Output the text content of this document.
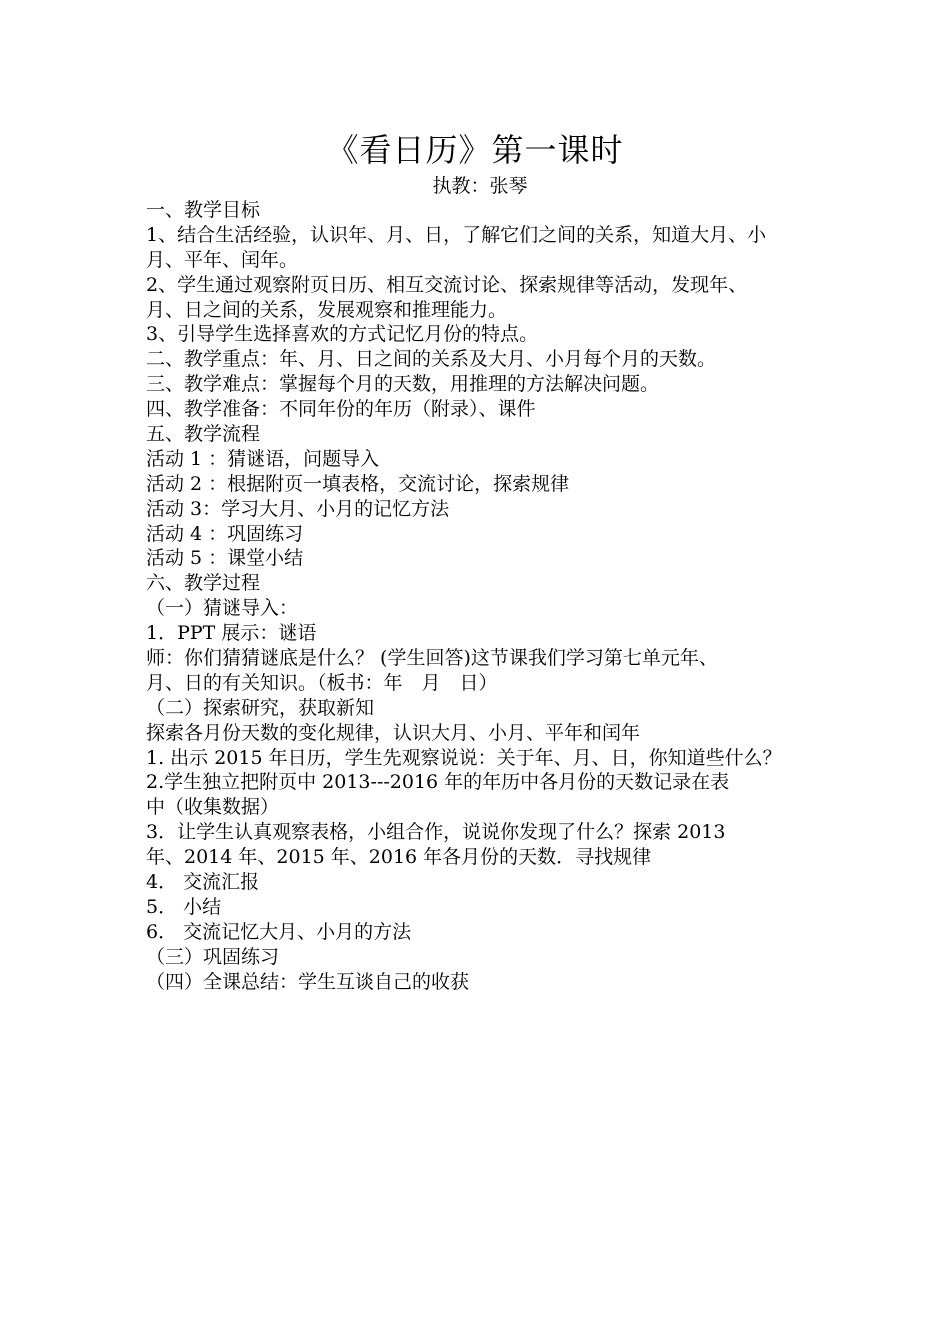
《看日历》第一课时
执教：张琴
一、教学目标
1、结合生活经验，认识年、月、日，了解它们之间的关系，知道大月、小
月、平年、闰年。
2、学生通过观察附页日历、相互交流讨论、探索规律等活动，发现年、
月、日之间的关系，发展观察和推理能力。
3、引导学生选择喜欢的方式记忆月份的特点。
二、教学重点：年、月、日之间的关系及大月、小月每个月的天数。
三、教学难点：掌握每个月的天数，用推理的方法解决问题。
四、教学准备：不同年份的年历（附录）、课件
五、教学流程
活动 1 ：猜谜语，问题导入
活动 2 ：根据附页一填表格，交流讨论，探索规律
活动 3：学习大月、小月的记忆方法
活动 4 ：巩固练习
活动 5 ：课堂小结
六、教学过程
（一）猜谜导入：
1．PPT 展示：谜语
师：你们猜猜谜底是什么？ (学生回答)这节课我们学习第七单元年、
月、日的有关知识。（板书：年　月　日）
（二）探索研究，获取新知
探索各月份天数的变化规律，认识大月、小月、平年和闰年
1. 出示 2015 年日历，学生先观察说说：关于年、月、日，你知道些什么？
2.学生独立把附页中 2013---2016 年的年历中各月份的天数记录在表
中（收集数据）
3．让学生认真观察表格，小组合作，说说你发现了什么？探索 2013
年、2014 年、2015 年、2016 年各月份的天数．寻找规律
4． 交流汇报
5． 小结
6． 交流记忆大月、小月的方法
（三）巩固练习
（四）全课总结：学生互谈自己的收获
